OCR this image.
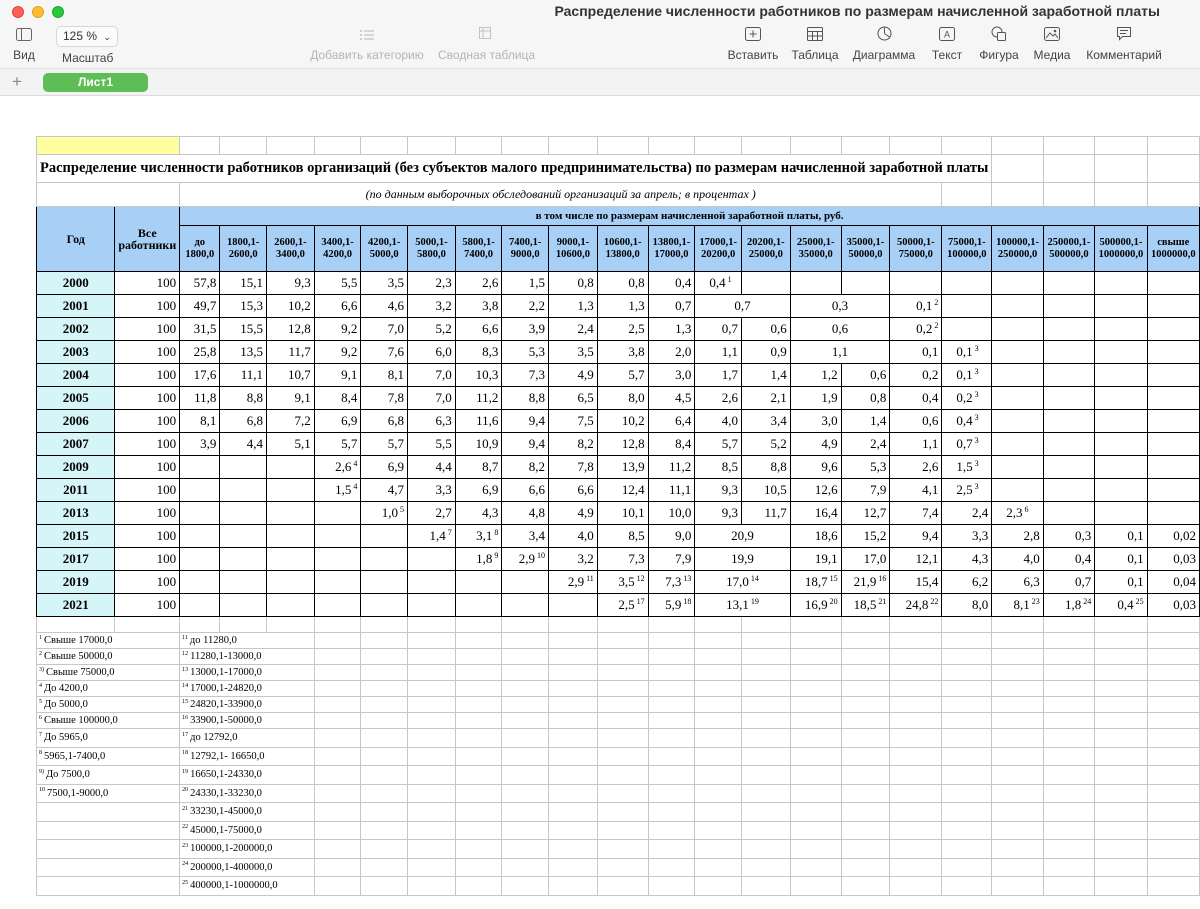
Распределение численности работников по размерам начисленной заработной платы
Вид
125 % ⌄
Масштаб	Добавить категорию Сводная таблица	Вставить Таблица Диаграмма
A
Текст	Фигура Медиа Комментарий
+	Лист1

Распределение численности работников организаций (без субъектов малого предпринимательства) по размерам начисленной заработной платы																						
		(по данным выборочных обследований организаций за апрель; в процентах )																				
Год	Все работники	в том числе по размерам начисленной заработной платы, руб.																				
		до 1800,0	1800,1-2600,0	2600,1-3400,0	3400,1-4200,0	4200,1-5000,0	5000,1-5800,0	5800,1-7400,0	7400,1-9000,0	9000,1-10600,0	10600,1-13800,0	13800,1-17000,0	17000,1-20200,0	20200,1-25000,0	25000,1-35000,0	35000,1-50000,0	50000,1-75000,0	75000,1-100000,0	100000,1-250000,0	250000,1-500000,0	500000,1-1000000,0	свыше 1000000,0
2000	100	57,8	15,1	9,3	5,5	3,5	2,3	2,6	1,5	0,8	0,8	0,4	0,4 $^1$									
2001	100	49,7	15,3	10,2	6,6	4,6	3,2	3,8	2,2	1,3	1,3	0,7	0,7		0,3		0,1 $^2$					
2002	100	31,5	15,5	12,8	9,2	7,0	5,2	6,6	3,9	2,4	2,5	1,3	0,7	0,6	0,6		0,2 $^2$					
2003	100	25,8	13,5	11,7	9,2	7,6	6,0	8,3	5,3	3,5	3,8	2,0	1,1	0,9	1,1		0,1	0,1 $^3$				
2004	100	17,6	11,1	10,7	9,1	8,1	7,0	10,3	7,3	4,9	5,7	3,0	1,7	1,4	1,2	0,6	0,2	0,1 $^3$				
2005	100	11,8	8,8	9,1	8,4	7,8	7,0	11,2	8,8	6,5	8,0	4,5	2,6	2,1	1,9	0,8	0,4	0,2 $^3$				
2006	100	8,1	6,8	7,2	6,9	6,8	6,3	11,6	9,4	7,5	10,2	6,4	4,0	3,4	3,0	1,4	0,6	0,4 $^3$				
2007	100	3,9	4,4	5,1	5,7	5,7	5,5	10,9	9,4	8,2	12,8	8,4	5,7	5,2	4,9	2,4	1,1	0,7 $^3$				
2009	100				2,6 $^4$	6,9	4,4	8,7	8,2	7,8	13,9	11,2	8,5	8,8	9,6	5,3	2,6	1,5 $^3$				
2011	100				1,5 $^4$	4,7	3,3	6,9	6,6	6,6	12,4	11,1	9,3	10,5	12,6	7,9	4,1	2,5 $^3$				
2013	100					1,0 $^5$	2,7	4,3	4,8	4,9	10,1	10,0	9,3	11,7	16,4	12,7	7,4	2,4	2,3 $^6$			
2015	100						1,4 $^7$	3,1 $^8$	3,4	4,0	8,5	9,0	20,9		18,6	15,2	9,4	3,3	2,8	0,3	0,1	0,02
2017	100							1,8 $^9$	2,9 $^{10}$	3,2	7,3	7,9	19,9		19,1	17,0	12,1	4,3	4,0	0,4	0,1	0,03
2019	100									2,9 $^{11}$	3,5 $^{12}$	7,3 $^{13}$	17,0 $^{14}$		18,7 $^{15}$	21,9 $^{16}$	15,4	6,2	6,3	0,7	0,1	0,04
2021	100										2,5 $^{17}$	5,9 $^{18}$	13,1 $^{19}$		16,9 $^{20}$	18,5 $^{21}$	24,8 $^{22}$	8,0	8,1 $^{23}$	1,8 $^{24}$	0,4 $^{25}$	0,03

$^1$ Свыше 17000,0		$^{11}$ до 11280,0																				
$^2$ Свыше 50000,0		$^{12}$ 11280,1-13000,0																				
$^{3)}$ Свыше 75000,0		$^{13}$ 13000,1-17000,0																				
$^4$ До 4200,0		$^{14}$ 17000,1-24820,0																				
$^5$ До 5000,0		$^{15}$ 24820,1-33900,0																				
$^6$ Свыше 100000,0		$^{16}$ 33900,1-50000,0																				
$^7$ До 5965,0		$^{17}$ до 12792,0																				
$^8$ 5965,1-7400,0		$^{18}$ 12792,1- 16650,0																				
$^{9)}$ До 7500,0		$^{19}$ 16650,1-24330,0																				
$^{10}$ 7500,1-9000,0		$^{20}$ 24330,1-33230,0																				
		$^{21}$ 33230,1-45000,0																				
		$^{22}$ 45000,1-75000,0																				
		$^{23}$ 100000,1-200000,0																				
		$^{24}$ 200000,1-400000,0																				
		$^{25}$ 400000,1-1000000,0																				
